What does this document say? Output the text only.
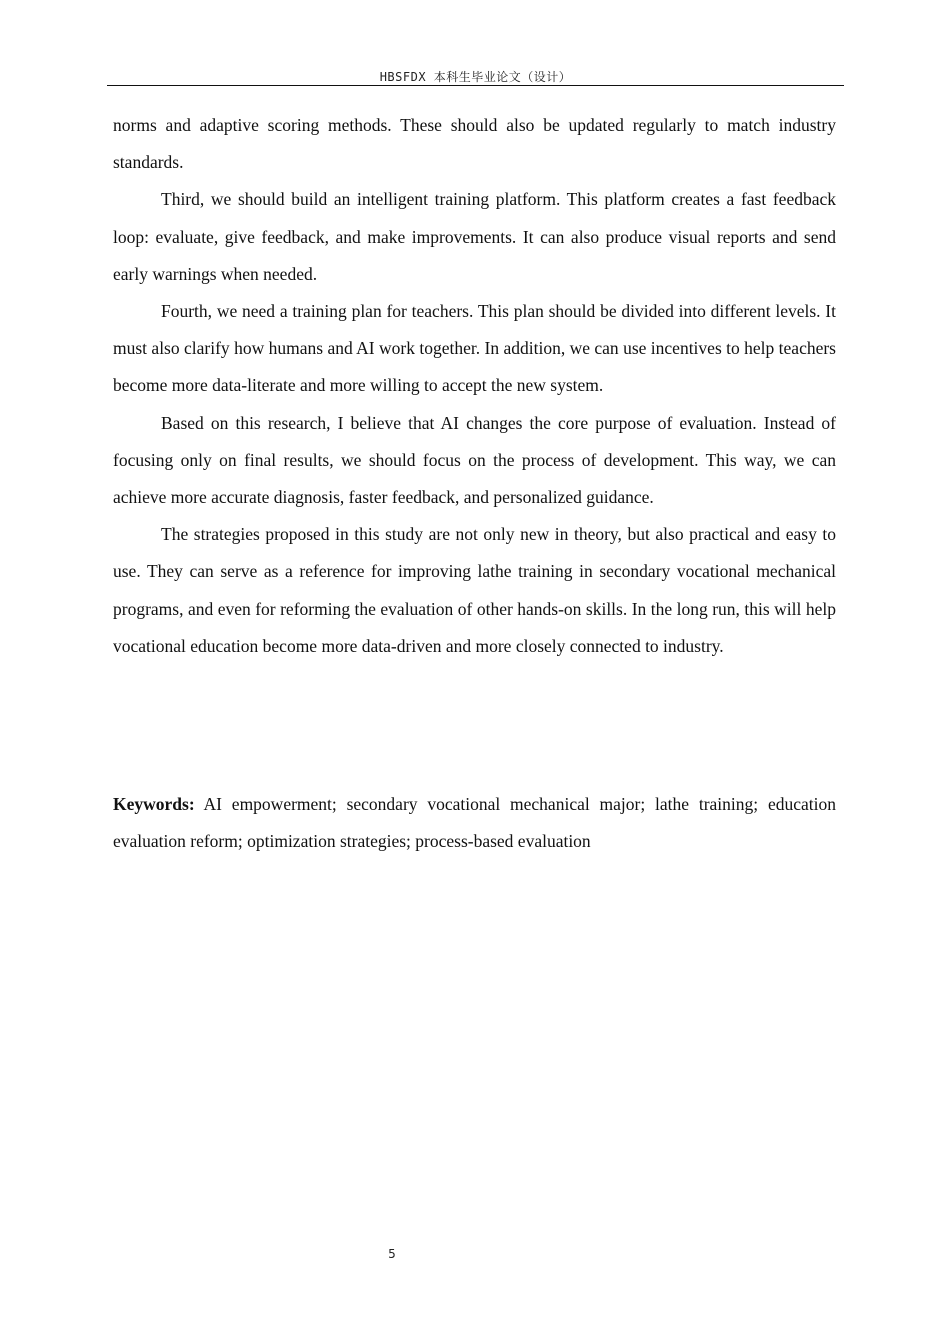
HBSFDX 本科生毕业论文（设计）

norms and adaptive scoring methods. These should also be updated regularly to match industry standards.

Third, we should build an intelligent training platform. This platform creates a fast feedback loop: evaluate, give feedback, and make improvements. It can also produce visual reports and send early warnings when needed.

Fourth, we need a training plan for teachers. This plan should be divided into different levels. It must also clarify how humans and AI work together. In addition, we can use incentives to help teachers become more data-literate and more willing to accept the new system.

Based on this research, I believe that AI changes the core purpose of evaluation. Instead of focusing only on final results, we should focus on the process of development. This way, we can achieve more accurate diagnosis, faster feedback, and personalized guidance.

The strategies proposed in this study are not only new in theory, but also practical and easy to use. They can serve as a reference for improving lathe training in secondary vocational mechanical programs, and even for reforming the evaluation of other hands-on skills. In the long run, this will help vocational education become more data-driven and more closely connected to industry.

Keywords: AI empowerment; secondary vocational mechanical major; lathe training; education evaluation reform; optimization strategies; process-based evaluation
5
